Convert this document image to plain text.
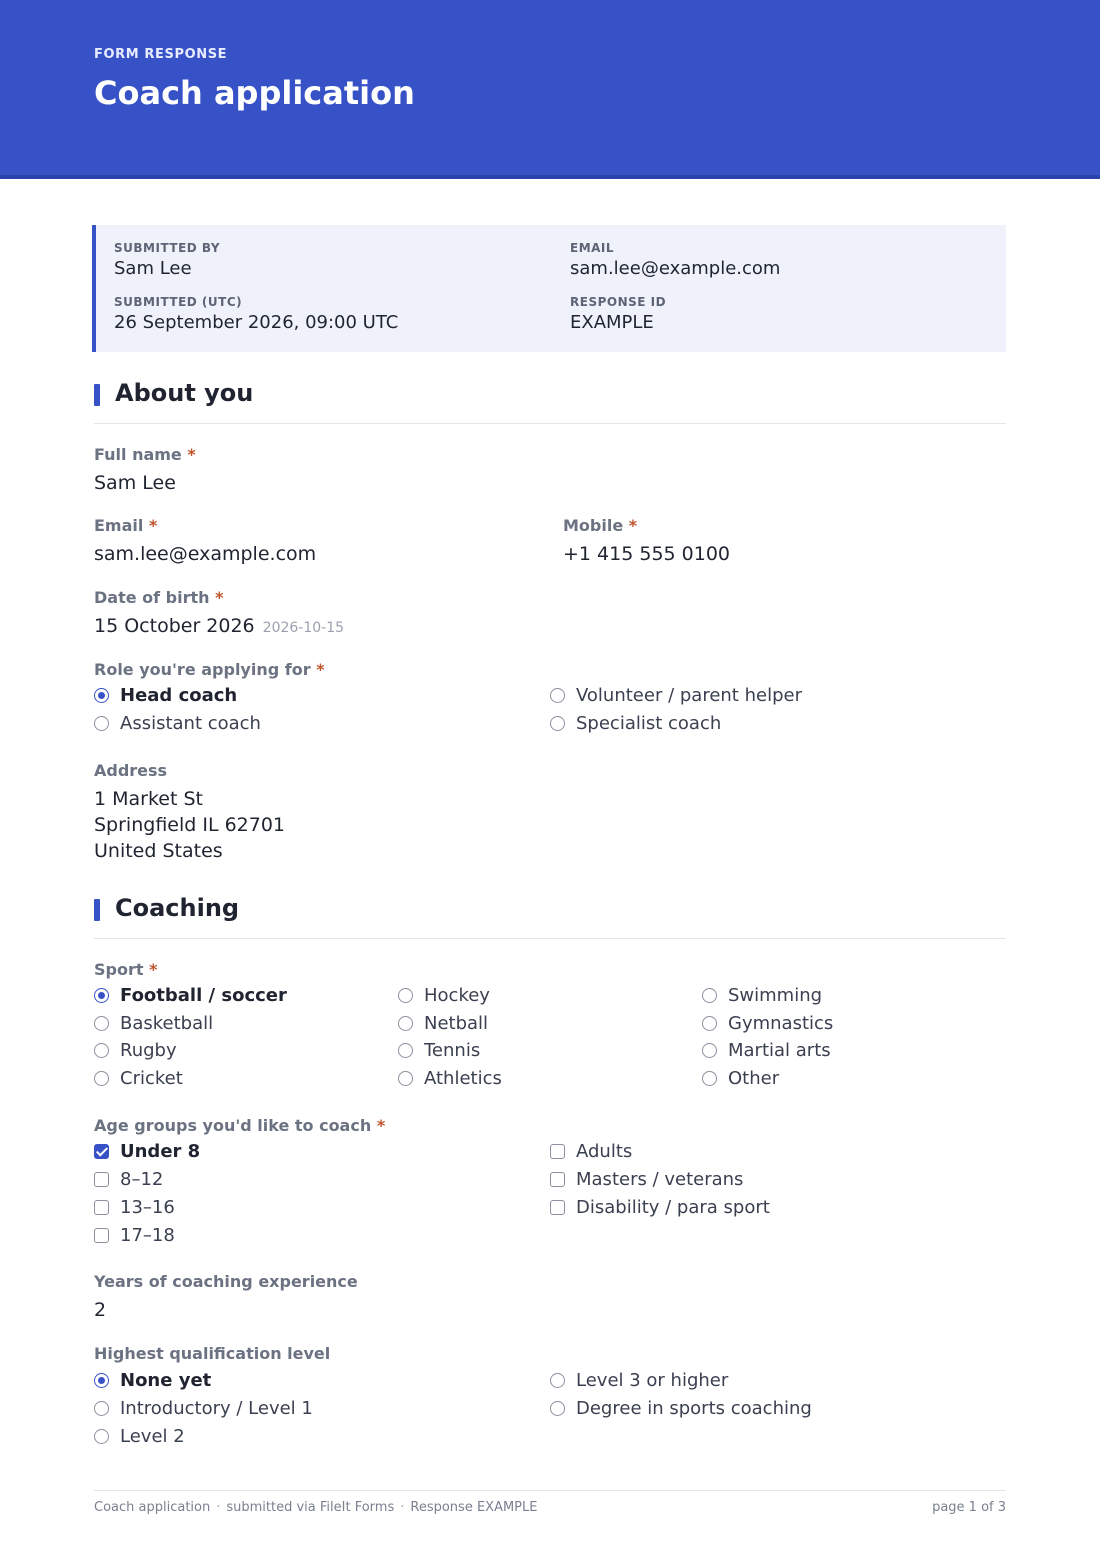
FORM RESPONSE
Coach application
SUBMITTED BY
Sam Lee
EMAIL
sam.lee@example.com
SUBMITTED (UTC)
26 September 2026, 09:00 UTC
RESPONSE ID
EXAMPLE
About you
Full name *
Sam Lee
Email *
sam.lee@example.com
Mobile *
+1 415 555 0100
Date of birth *
15 October 2026 2026-10-15
Role you're applying for *
Head coach
Assistant coach
Volunteer / parent helper
Specialist coach
Address
1 Market St
Springfield IL 62701
United States
Coaching
Sport *
Football / soccer
Basketball
Rugby
Cricket
Hockey
Netball
Tennis
Athletics
Swimming
Gymnastics
Martial arts
Other
Age groups you'd like to coach *
Under 8
8–12
13–16
17–18
Adults
Masters / veterans
Disability / para sport
Years of coaching experience
2
Highest qualification level
None yet
Introductory / Level 1
Level 2
Level 3 or higher
Degree in sports coaching
Coach application · submitted via FileIt Forms · Response EXAMPLE	page 1 of 3
